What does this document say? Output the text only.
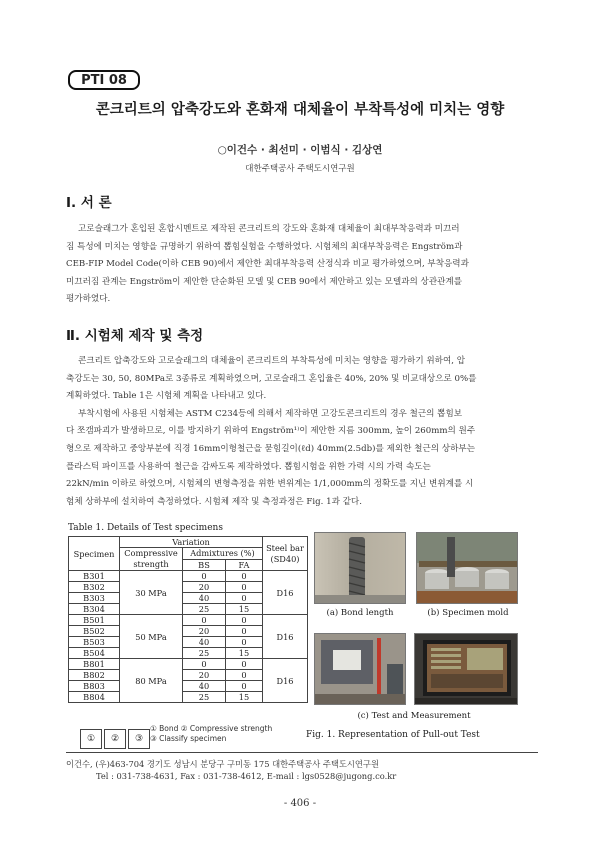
PTI 08
콘크리트의 압축강도와 혼화재 대체율이 부착특성에 미치는 영향
○이건수 · 최선미 · 이범식 · 김상연
대한주택공사 주택도시연구원
Ⅰ. 서 론

고로슬래그가 혼입된 혼합시멘트로 제작된 콘크리트의 강도와 혼화재 대체율이 최대부착응력과 미끄러

짐 특성에 미치는 영향을 규명하기 위하여 뽑힘실험을 수행하였다. 시험체의 최대부착응력은 Engström과

CEB-FIP Model Code(이하 CEB 90)에서 제안한 최대부착응력 산정식과 비교 평가하였으며, 부착응력과

미끄러짐 관계는 Engström이 제안한 단순화된 모델 및 CEB 90에서 제안하고 있는 모델과의 상관관계를

평가하였다.

Ⅱ. 시험체 제작 및 측정

콘크리트 압축강도와 고로슬래그의 대체율이 콘크리트의 부착특성에 미치는 영향을 평가하기 위하여, 압

축강도는 30, 50, 80MPa로 3종류로 계획하였으며, 고로슬래그 혼입율은 40%, 20% 및 비교대상으로 0%를

계획하였다. Table 1은 시험체 계획을 나타내고 있다.

부착시험에 사용된 시험체는 ASTM C234등에 의해서 제작하면 고강도콘크리트의 경우 철근의 뽑힘보

다 쪼갬파괴가 발생하므로, 이를 방지하기 위하여 Engström¹⁾이 제안한 지름 300mm, 높이 260mm의 원주

형으로 제작하고 중앙부분에 직경 16mm이형철근을 묻힘길이(ℓd) 40mm(2.5db)를 제외한 철근의 상하부는

플라스틱 파이프를 사용하여 철근을 감싸도록 제작하였다. 뽑힘시험을 위한 가력 시의 가력 속도는

22kN/min 이하로 하였으며, 시험체의 변형측정을 위한 변위계는 1/1,000mm의 정확도를 지닌 변위계를 시

험체 상하부에 설치하여 측정하였다. 시험체 제작 및 측정과정은 Fig. 1과 같다.

Table 1. Details of Test specimens
Specimen	Variation			Steel bar (SD40)
	Compressive strength	Admixtures (%)		
		BS	FA	
B301	30 MPa	0	0	D16
B302		20	0	
B303		40	0	
B304		25	15	
B501	50 MPa	0	0	D16
B502		20	0	
B503		40	0	
B504		25	15	
B801	80 MPa	0	0	D16
B802		20	0	
B803		40	0	
B804		25	15	
①	②	③
① Bond ② Compressive strength
③ Classify specimen
(a) Bond length	(b) Specimen mold
(c) Test and Measurement
Fig. 1. Representation of Pull-out Test
이건수, (우)463-704 경기도 성남시 분당구 구미동 175 대한주택공사 주택도시연구원
Tel : 031-738-4631, Fax : 031-738-4612, E-mail : lgs0528@jugong.co.kr
- 406 -
